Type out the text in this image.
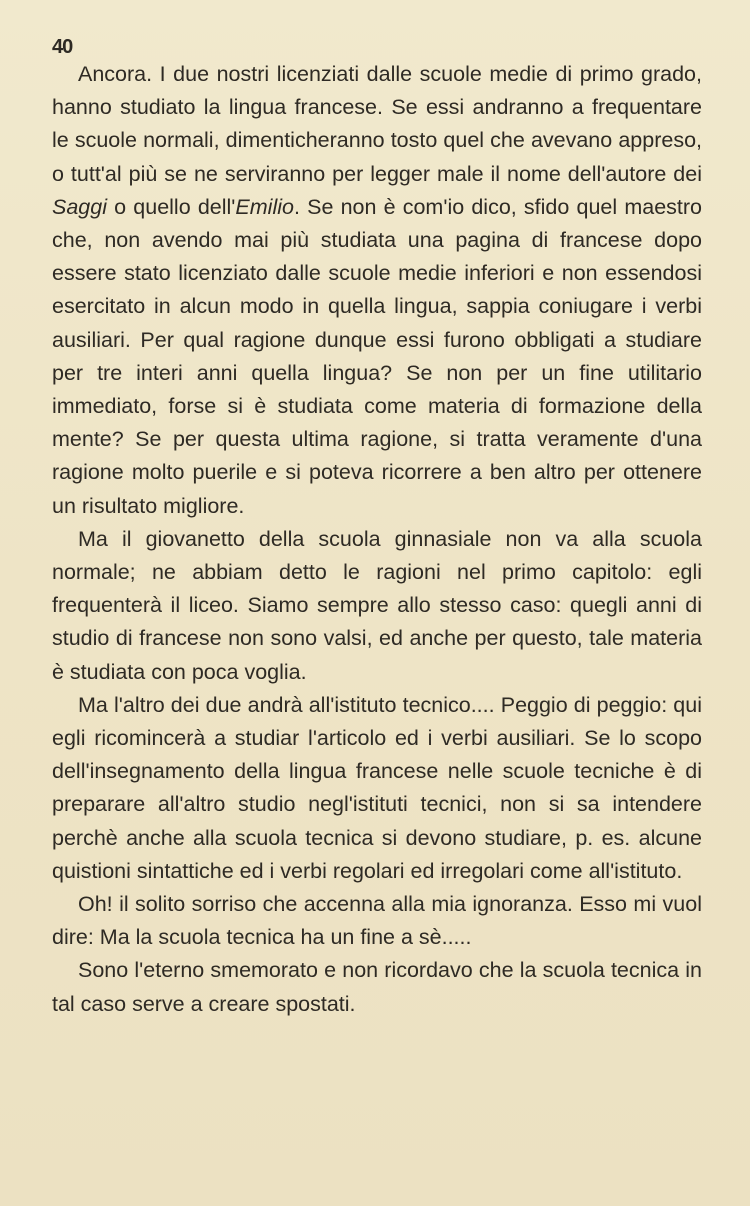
40

Ancora. I due nostri licenziati dalle scuole medie di primo grado, hanno studiato la lingua francese. Se essi andranno a frequentare le scuole normali, dimenticheranno tosto quel che avevano appreso, o tutt'al più se ne serviranno per legger male il nome dell'autore dei Saggi o quello dell'Emilio. Se non è com'io dico, sfido quel maestro che, non avendo mai più studiata una pagina di francese dopo essere stato licenziato dalle scuole medie inferiori e non essendosi esercitato in alcun modo in quella lingua, sappia coniugare i verbi ausiliari. Per qual ragione dunque essi furono obbligati a studiare per tre interi anni quella lingua? Se non per un fine utilitario immediato, forse si è studiata come materia di formazione della mente? Se per questa ultima ragione, si tratta veramente d'una ragione molto puerile e si poteva ricorrere a ben altro per ottenere un risultato migliore.

Ma il giovanetto della scuola ginnasiale non va alla scuola normale; ne abbiam detto le ragioni nel primo capitolo: egli frequenterà il liceo. Siamo sempre allo stesso caso: quegli anni di studio di francese non sono valsi, ed anche per questo, tale materia è studiata con poca voglia.

Ma l'altro dei due andrà all'istituto tecnico.... Peggio di peggio: qui egli ricomincerà a studiar l'articolo ed i verbi ausiliari. Se lo scopo dell'insegnamento della lingua francese nelle scuole tecniche è di preparare all'altro studio negl'istituti tecnici, non si sa intendere perchè anche alla scuola tecnica si devono studiare, p. es. alcune quistioni sintattiche ed i verbi regolari ed irregolari come all'istituto.

Oh! il solito sorriso che accenna alla mia ignoranza. Esso mi vuol dire: Ma la scuola tecnica ha un fine a sè.....

Sono l'eterno smemorato e non ricordavo che la scuola tecnica in tal caso serve a creare spostati.
